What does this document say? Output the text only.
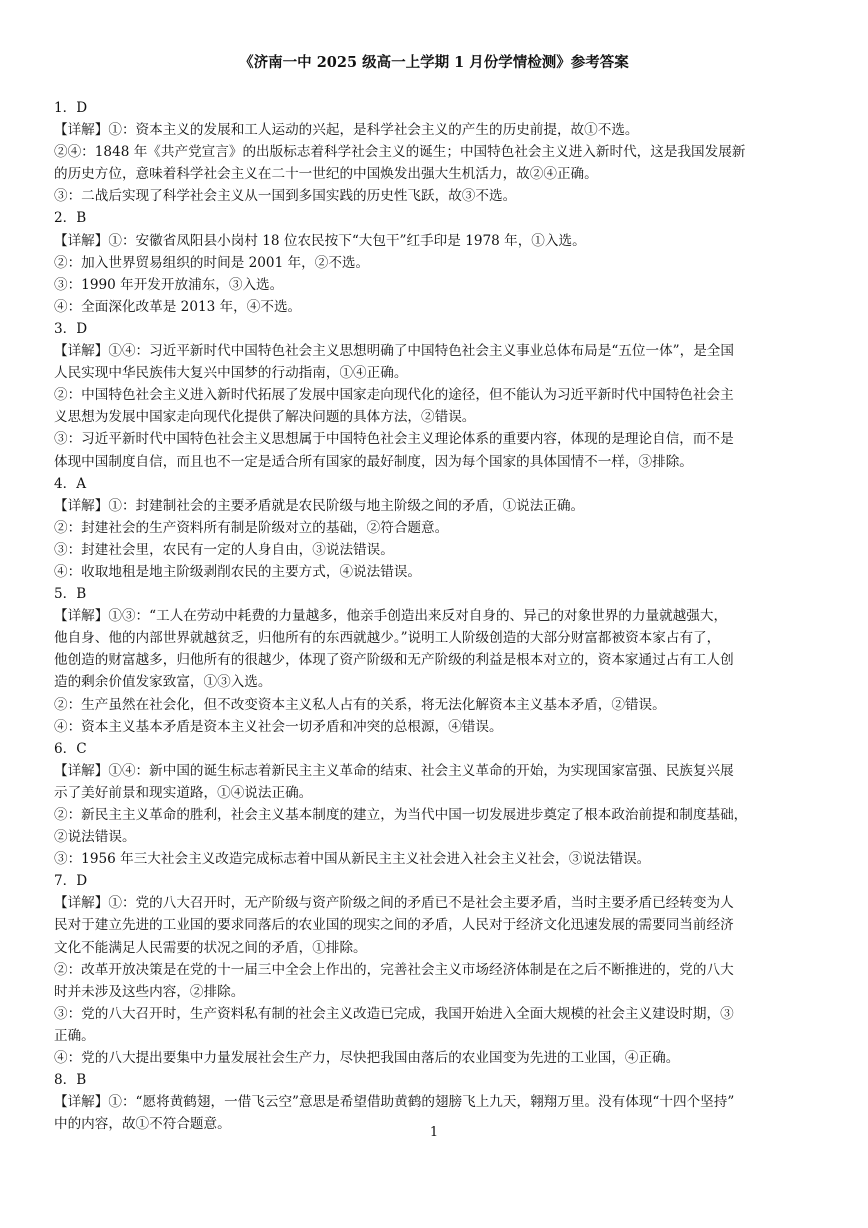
《济南一中 2025 级高一上学期 1 月份学情检测》参考答案
1．D
【详解】①：资本主义的发展和工人运动的兴起，是科学社会主义的产生的历史前提，故①不选。
②④：1848 年《共产党宣言》的出版标志着科学社会主义的诞生；中国特色社会主义进入新时代，这是我国发展新
的历史方位，意味着科学社会主义在二十一世纪的中国焕发出强大生机活力，故②④正确。
③：二战后实现了科学社会主义从一国到多国实践的历史性飞跃，故③不选。
2．B
【详解】①：安徽省凤阳县小岗村 18 位农民按下“大包干”红手印是 1978 年，①入选。
②：加入世界贸易组织的时间是 2001 年，②不选。
③：1990 年开发开放浦东，③入选。
④：全面深化改革是 2013 年，④不选。
3．D
【详解】①④：习近平新时代中国特色社会主义思想明确了中国特色社会主义事业总体布局是“五位一体”，是全国
人民实现中华民族伟大复兴中国梦的行动指南，①④正确。
②：中国特色社会主义进入新时代拓展了发展中国家走向现代化的途径，但不能认为习近平新时代中国特色社会主
义思想为发展中国家走向现代化提供了解决问题的具体方法，②错误。
③：习近平新时代中国特色社会主义思想属于中国特色社会主义理论体系的重要内容，体现的是理论自信，而不是
体现中国制度自信，而且也不一定是适合所有国家的最好制度，因为每个国家的具体国情不一样，③排除。
4．A
【详解】①：封建制社会的主要矛盾就是农民阶级与地主阶级之间的矛盾，①说法正确。
②：封建社会的生产资料所有制是阶级对立的基础，②符合题意。
③：封建社会里，农民有一定的人身自由，③说法错误。
④：收取地租是地主阶级剥削农民的主要方式，④说法错误。
5．B
【详解】①③：“工人在劳动中耗费的力量越多，他亲手创造出来反对自身的、异己的对象世界的力量就越强大，
他自身、他的内部世界就越贫乏，归他所有的东西就越少。”说明工人阶级创造的大部分财富都被资本家占有了，
他创造的财富越多，归他所有的很越少，体现了资产阶级和无产阶级的利益是根本对立的，资本家通过占有工人创
造的剩余价值发家致富，①③入选。
②：生产虽然在社会化，但不改变资本主义私人占有的关系，将无法化解资本主义基本矛盾，②错误。
④：资本主义基本矛盾是资本主义社会一切矛盾和冲突的总根源，④错误。
6．C
【详解】①④：新中国的诞生标志着新民主主义革命的结束、社会主义革命的开始，为实现国家富强、民族复兴展
示了美好前景和现实道路，①④说法正确。
②：新民主主义革命的胜利，社会主义基本制度的建立，为当代中国一切发展进步奠定了根本政治前提和制度基础，
②说法错误。
③：1956 年三大社会主义改造完成标志着中国从新民主主义社会进入社会主义社会，③说法错误。
7．D
【详解】①：党的八大召开时，无产阶级与资产阶级之间的矛盾已不是社会主要矛盾，当时主要矛盾已经转变为人
民对于建立先进的工业国的要求同落后的农业国的现实之间的矛盾，人民对于经济文化迅速发展的需要同当前经济
文化不能满足人民需要的状况之间的矛盾，①排除。
②：改革开放决策是在党的十一届三中全会上作出的，完善社会主义市场经济体制是在之后不断推进的，党的八大
时并未涉及这些内容，②排除。
③：党的八大召开时，生产资料私有制的社会主义改造已完成，我国开始进入全面大规模的社会主义建设时期，③
正确。
④：党的八大提出要集中力量发展社会生产力，尽快把我国由落后的农业国变为先进的工业国，④正确。
8．B
【详解】①：“愿将黄鹤翅，一借飞云空”意思是希望借助黄鹤的翅膀飞上九天，翱翔万里。没有体现“十四个坚持”
中的内容，故①不符合题意。
1
